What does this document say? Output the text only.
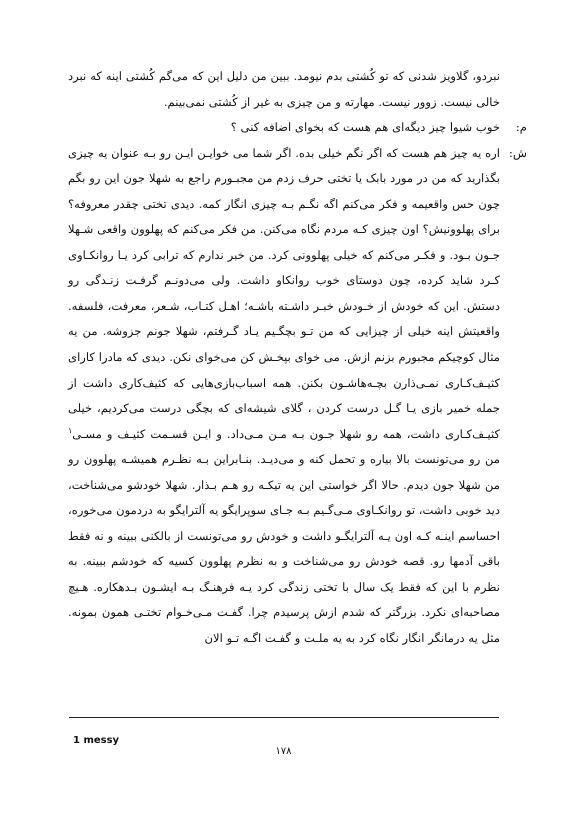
نبردو، گلاویز شدنی که تو کُشتی بدم نیومد. ببین من دلیل این که می‌گم کُشتی اینه که نبرد خالی نیست. زوور نیست. مهارته و من چیزی به غیر از کُشتی نمی‌بینم.

م:
خوب شیوا چیز دیگه‌ای هم هست که بخوای اضافه کنی ؟

ش:
اره یه چیز هم هست که اگر نگم خیلی بده. اگر شما می خوایـن ایـن رو بـه عنوان یه چیزی بگذارید که من در مورد بابک یا تختی حرف زدم من مجبـورم راجع به شهلا جون این رو بگم چون حس واقعیمه و فکر می‌کنم اگه نگـم بـه چیزی انگار کمه. دیدی تختی چقدر معروفه؟ برای پهلوونیش؟ اون چیزی کـه مردم نگاه می‌کنن. من فکر می‌کنم که پهلوون واقعی شـهلا جـون بـود. و فکـر می‌کنم که خیلی پهلوونی کرد. من خبر ندارم که ترابی کرد یـا روانکـاوی کـرد شاید کرده، چون دوستای خوب روانکاو داشت. ولی می‌دونـم گرفـت زنـدگی رو دستش. این که خودش از خـودش خبـر داشـته باشـه؛ اهـل کتـاب، شـعر، معرفت، فلسفه. واقعیتش اینه خیلی از چیزایی که من تـو بچگـیم یـاد گـرفتم، شهلا جونم جزوشه. من یه مثال کوچیکم مجبورم بزنم ازش. می خوای بپخـش کن می‌خوای نکن. دیدی که مادرا کارای کثیـف‌کـاری نمـی‌ذارن بچـه‌هاشـون بکنن. همه اسباب‌بازی‌هایی که کثیف‌کاری داشت از جمله خمیر بازی یـا گـل درست کردن ، گلای شیشه‌ای که بچگی درست می‌کردیم، خیلی کثیـف‌کـاری داشت، همه رو شهلا جـون بـه مـن مـی‌داد. و ایـن قسـمت کثیـف و مسـی$^۱$ من رو می‌تونست بالا بیاره و تحمل کنه و می‌دیـد. بنـابراین بـه نظـرم همیشـه پهلوون رو من شهلا جون دیدم. حالا اگر خواستی این یه تیکـه رو هـم بـذار. شهلا خودشو می‌شناخت، دید خوبی داشت، تو روانکـاوی مـی‌گـیم بـه جـای سوپرایگو یه آلترایگو به دردمون می‌خوره، احساسم اینـه کـه اون یـه آلترایگـو داشت و خودش رو می‌تونست از بالکنی ببینه و نه فقط باقی آدمها رو. قصه خودش رو می‌شناخت و به نظرم پهلوون کسیه که خودشم ببینه. به نظرم با این که فقط یک سال با تختی زندگی کرد یـه فرهنـگ بـه ایشـون بـدهکاره. هـیچ مصاحبه‌ای نکرد. بزرگتر که شدم ازش پرسیدم چرا. گفـت مـی‌خـوام تختـی همون بمونه. مثل یه درمانگر انگار نگاه کرد به یه ملـت و گفـت اگـه تـو الان

1 messy
۱۷۸
